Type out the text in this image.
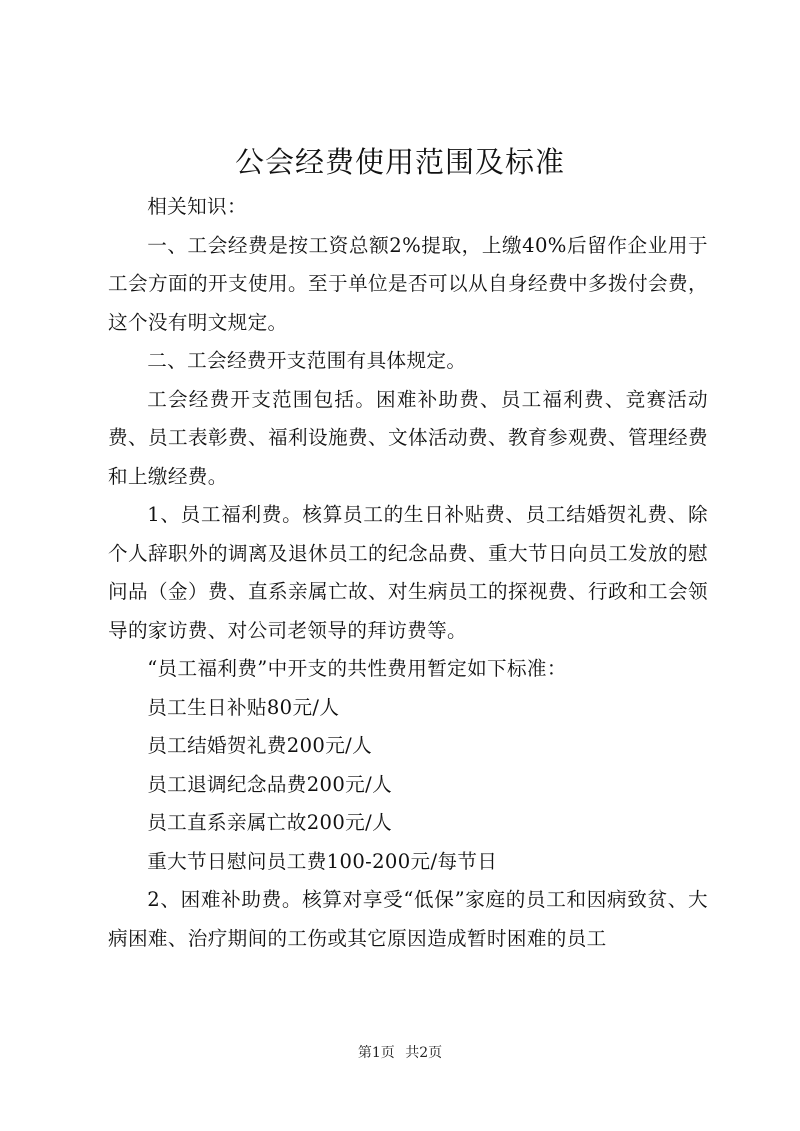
公会经费使用范围及标准

相关知识：

一、工会经费是按工资总额2%提取，上缴40%后留作企业用于工会方面的开支使用。至于单位是否可以从自身经费中多拨付会费，这个没有明文规定。

二、工会经费开支范围有具体规定。

工会经费开支范围包括。困难补助费、员工福利费、竞赛活动费、员工表彰费、福利设施费、文体活动费、教育参观费、管理经费和上缴经费。

1、员工福利费。核算员工的生日补贴费、员工结婚贺礼费、除个人辞职外的调离及退休员工的纪念品费、重大节日向员工发放的慰问品（金）费、直系亲属亡故、对生病员工的探视费、行政和工会领导的家访费、对公司老领导的拜访费等。

“员工福利费”中开支的共性费用暂定如下标准：

员工生日补贴80元/人

员工结婚贺礼费200元/人

员工退调纪念品费200元/人

员工直系亲属亡故200元/人

重大节日慰问员工费100-200元/每节日

2、困难补助费。核算对享受“低保”家庭的员工和因病致贫、大病困难、治疗期间的工伤或其它原因造成暂时困难的员工

第1页 共2页
